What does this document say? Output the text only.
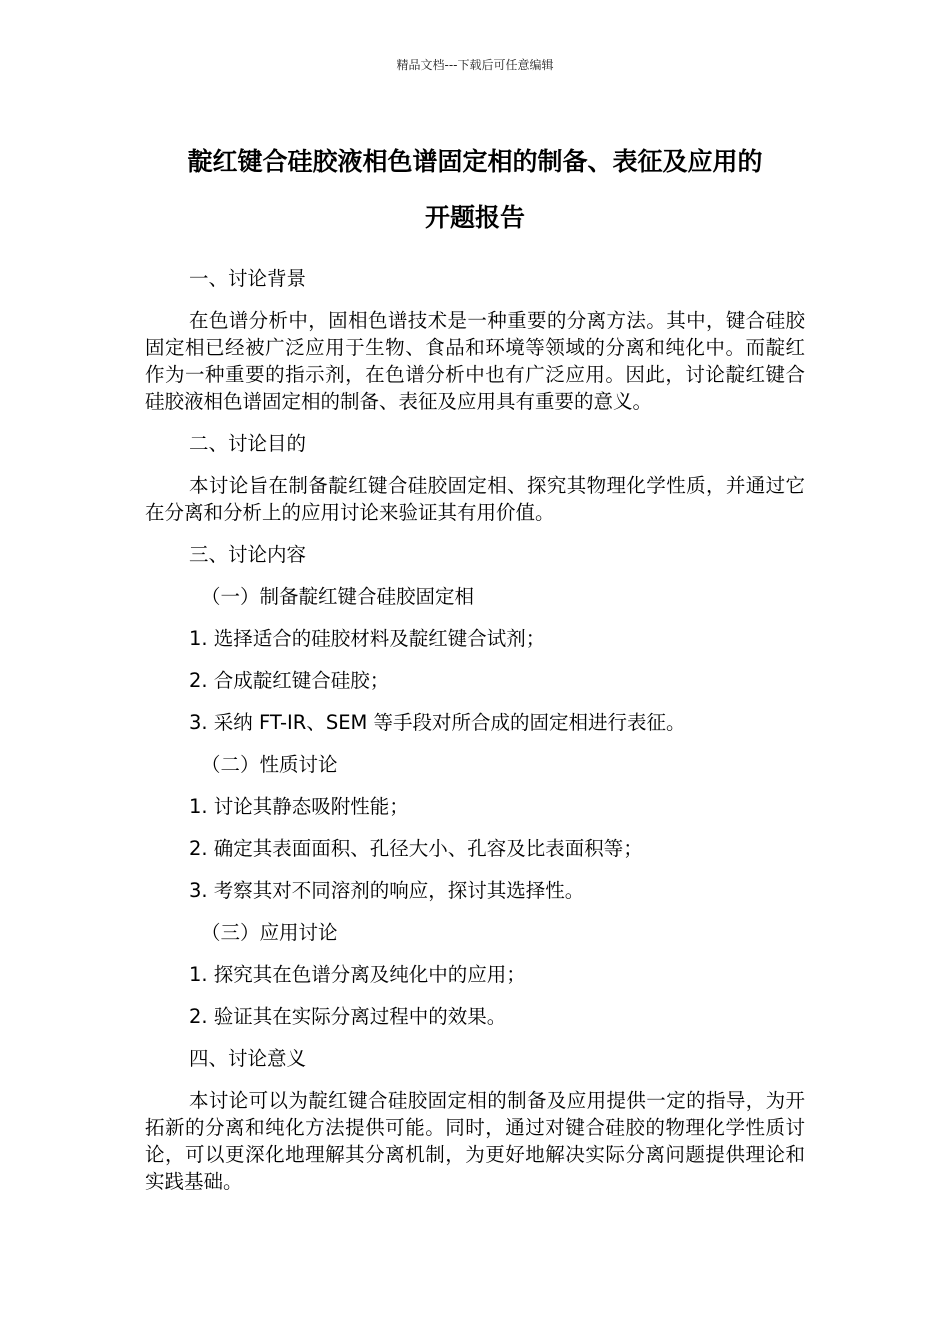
精品文档---下载后可任意编辑
靛红键合硅胶液相色谱固定相的制备、表征及应用的
开题报告
一、讨论背景
在色谱分析中，固相色谱技术是一种重要的分离方法。其中，键合硅胶固定相已经被广泛应用于生物、食品和环境等领域的分离和纯化中。而靛红作为一种重要的指示剂，在色谱分析中也有广泛应用。因此，讨论靛红键合硅胶液相色谱固定相的制备、表征及应用具有重要的意义。
二、讨论目的
本讨论旨在制备靛红键合硅胶固定相、探究其物理化学性质，并通过它在分离和分析上的应用讨论来验证其有用价值。
三、讨论内容
（一）制备靛红键合硅胶固定相
1. 选择适合的硅胶材料及靛红键合试剂；
2. 合成靛红键合硅胶；
3. 采纳 FT-IR、SEM 等手段对所合成的固定相进行表征。
（二）性质讨论
1. 讨论其静态吸附性能；
2. 确定其表面面积、孔径大小、孔容及比表面积等；
3. 考察其对不同溶剂的响应，探讨其选择性。
（三）应用讨论
1. 探究其在色谱分离及纯化中的应用；
2. 验证其在实际分离过程中的效果。
四、讨论意义
本讨论可以为靛红键合硅胶固定相的制备及应用提供一定的指导，为开拓新的分离和纯化方法提供可能。同时，通过对键合硅胶的物理化学性质讨论，可以更深化地理解其分离机制，为更好地解决实际分离问题提供理论和实践基础。
